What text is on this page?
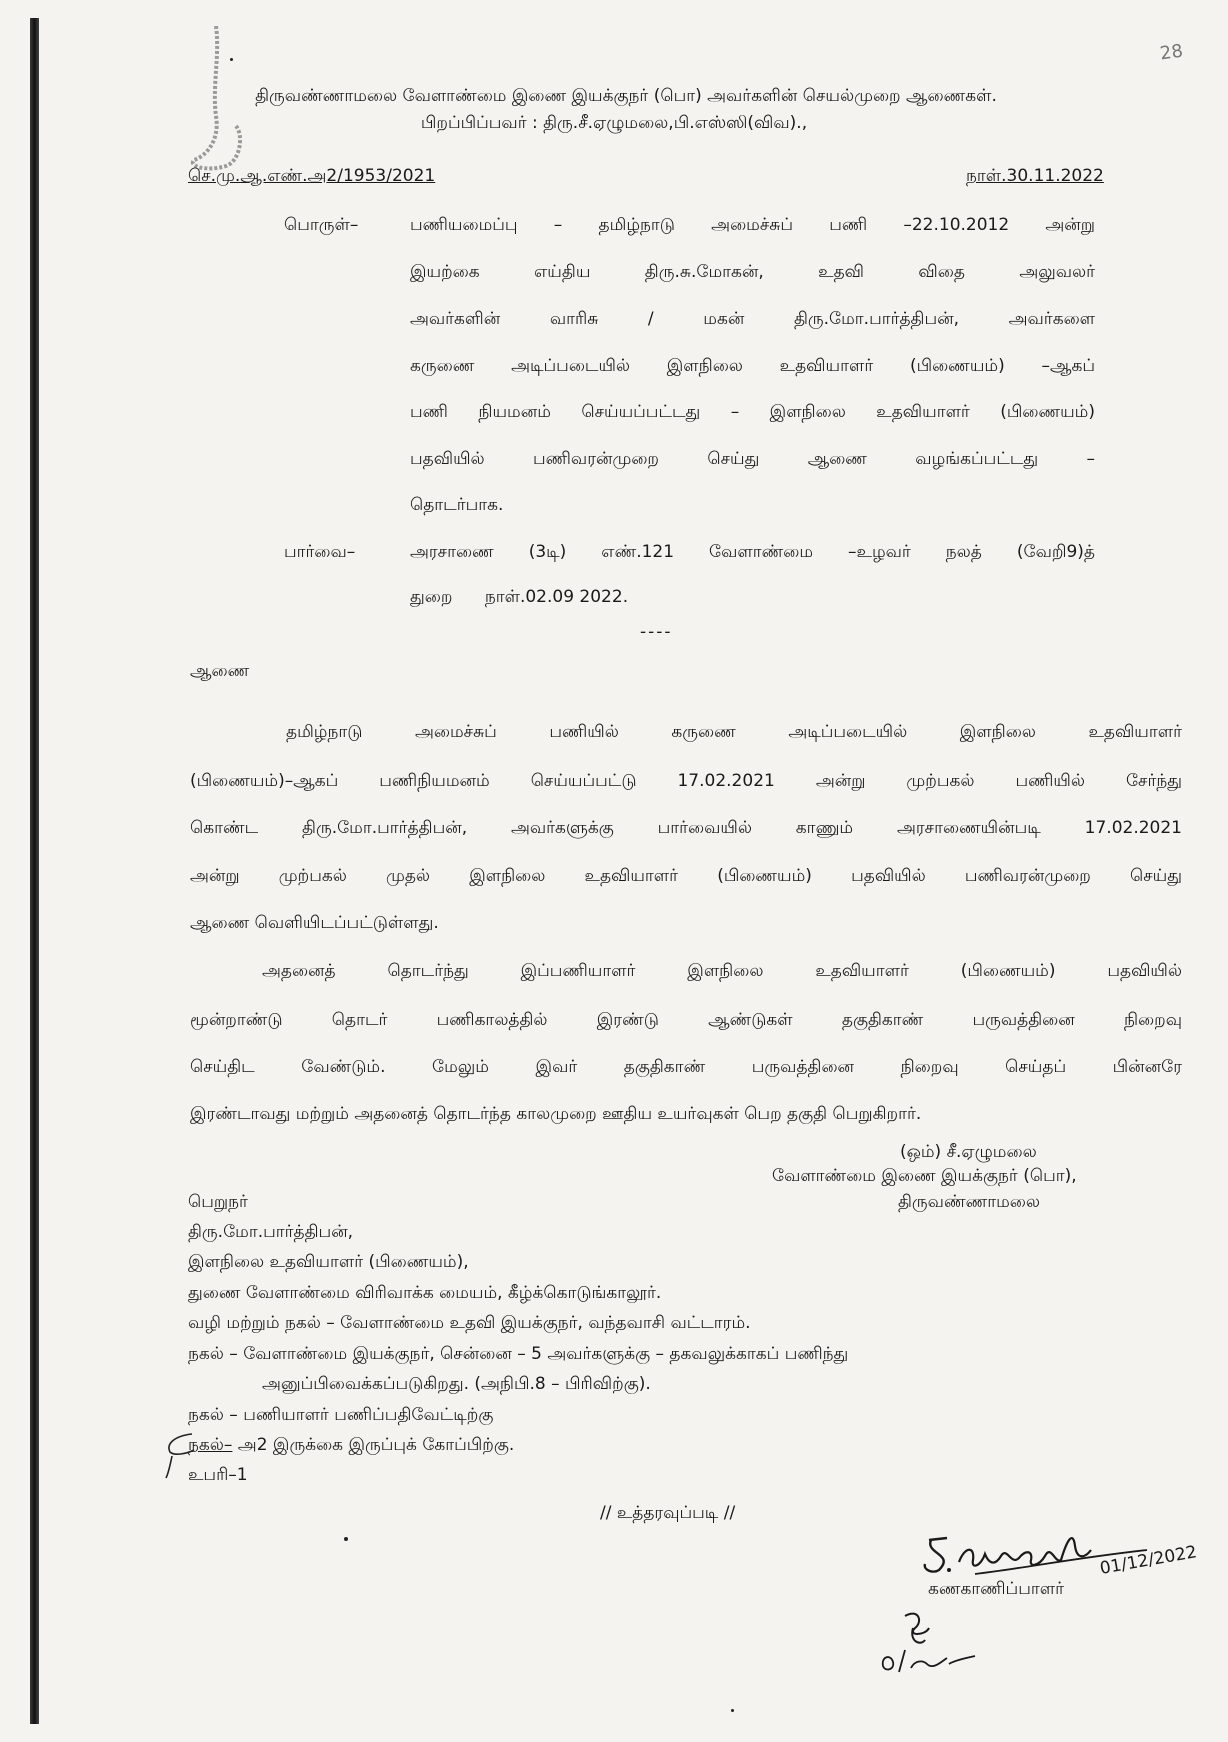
28
திருவண்ணாமலை வேளாண்மை இணை இயக்குநர் (பொ) அவர்களின் செயல்முறை ஆணைகள்.
பிறப்பிப்பவர் : திரு.சீ.ஏழுமலை,பி.எஸ்ஸி(விவ).,
செ.மு.ஆ.எண்.அ2/1953/2021	நாள்.30.11.2022
பொருள்–	பணியமைப்பு – தமிழ்நாடு அமைச்சுப் பணி –22.10.2012 அன்று
இயற்கை எய்திய திரு.சு.மோகன், உதவி விதை அலுவலர்
அவர்களின் வாரிசு / மகன் திரு.மோ.பார்த்திபன், அவர்களை
கருணை அடிப்படையில் இளநிலை உதவியாளர் (பிணையம்) –ஆகப்
பணி நியமனம் செய்யப்பட்டது – இளநிலை உதவியாளர் (பிணையம்)
பதவியில் பணிவரன்முறை செய்து ஆணை வழங்கப்பட்டது –
தொடர்பாக.
பார்வை–	அரசாணை (3டி) எண்.121 வேளாண்மை –உழவர் நலத் (வேறி9)த்
துறை      நாள்.02.09 2022.
----
ஆணை
தமிழ்நாடு அமைச்சுப் பணியில் கருணை அடிப்படையில் இளநிலை உதவியாளர்
(பிணையம்)–ஆகப் பணிநியமனம் செய்யப்பட்டு 17.02.2021 அன்று முற்பகல் பணியில் சேர்ந்து
கொண்ட திரு.மோ.பார்த்திபன், அவர்களுக்கு பார்வையில் காணும் அரசாணையின்படி 17.02.2021
அன்று முற்பகல் முதல் இளநிலை உதவியாளர் (பிணையம்) பதவியில் பணிவரன்முறை செய்து
ஆணை வெளியிடப்பட்டுள்ளது.
அதனைத் தொடர்ந்து இப்பணியாளர் இளநிலை உதவியாளர் (பிணையம்) பதவியில்
மூன்றாண்டு தொடர் பணிகாலத்தில் இரண்டு ஆண்டுகள் தகுதிகாண் பருவத்தினை நிறைவு
செய்திட வேண்டும். மேலும் இவர் தகுதிகாண் பருவத்தினை நிறைவு செய்தப் பின்னரே
இரண்டாவது மற்றும் அதனைத் தொடர்ந்த காலமுறை ஊதிய உயர்வுகள் பெற தகுதி பெறுகிறார்.
(ஒம்) சீ.ஏழுமலை
வேளாண்மை இணை இயக்குநர் (பொ),
திருவண்ணாமலை
பெறுநர்
திரு.மோ.பார்த்திபன்,
இளநிலை உதவியாளர் (பிணையம்),
துணை வேளாண்மை விரிவாக்க மையம், கீழ்க்கொடுங்காலூர்.
வழி மற்றும் நகல் – வேளாண்மை உதவி இயக்குநர், வந்தவாசி வட்டாரம்.
நகல் – வேளாண்மை இயக்குநர், சென்னை – 5 அவர்களுக்கு – தகவலுக்காகப் பணிந்து
அனுப்பிவைக்கப்படுகிறது. (அநிபி.8 – பிரிவிற்கு).
நகல் – பணியாளர் பணிப்பதிவேட்டிற்கு
நகல்– அ2 இருக்கை இருப்புக் கோப்பிற்கு.
உபரி–1
// உத்தரவுப்படி //
01/12/2022
கணகாணிப்பாளர்
